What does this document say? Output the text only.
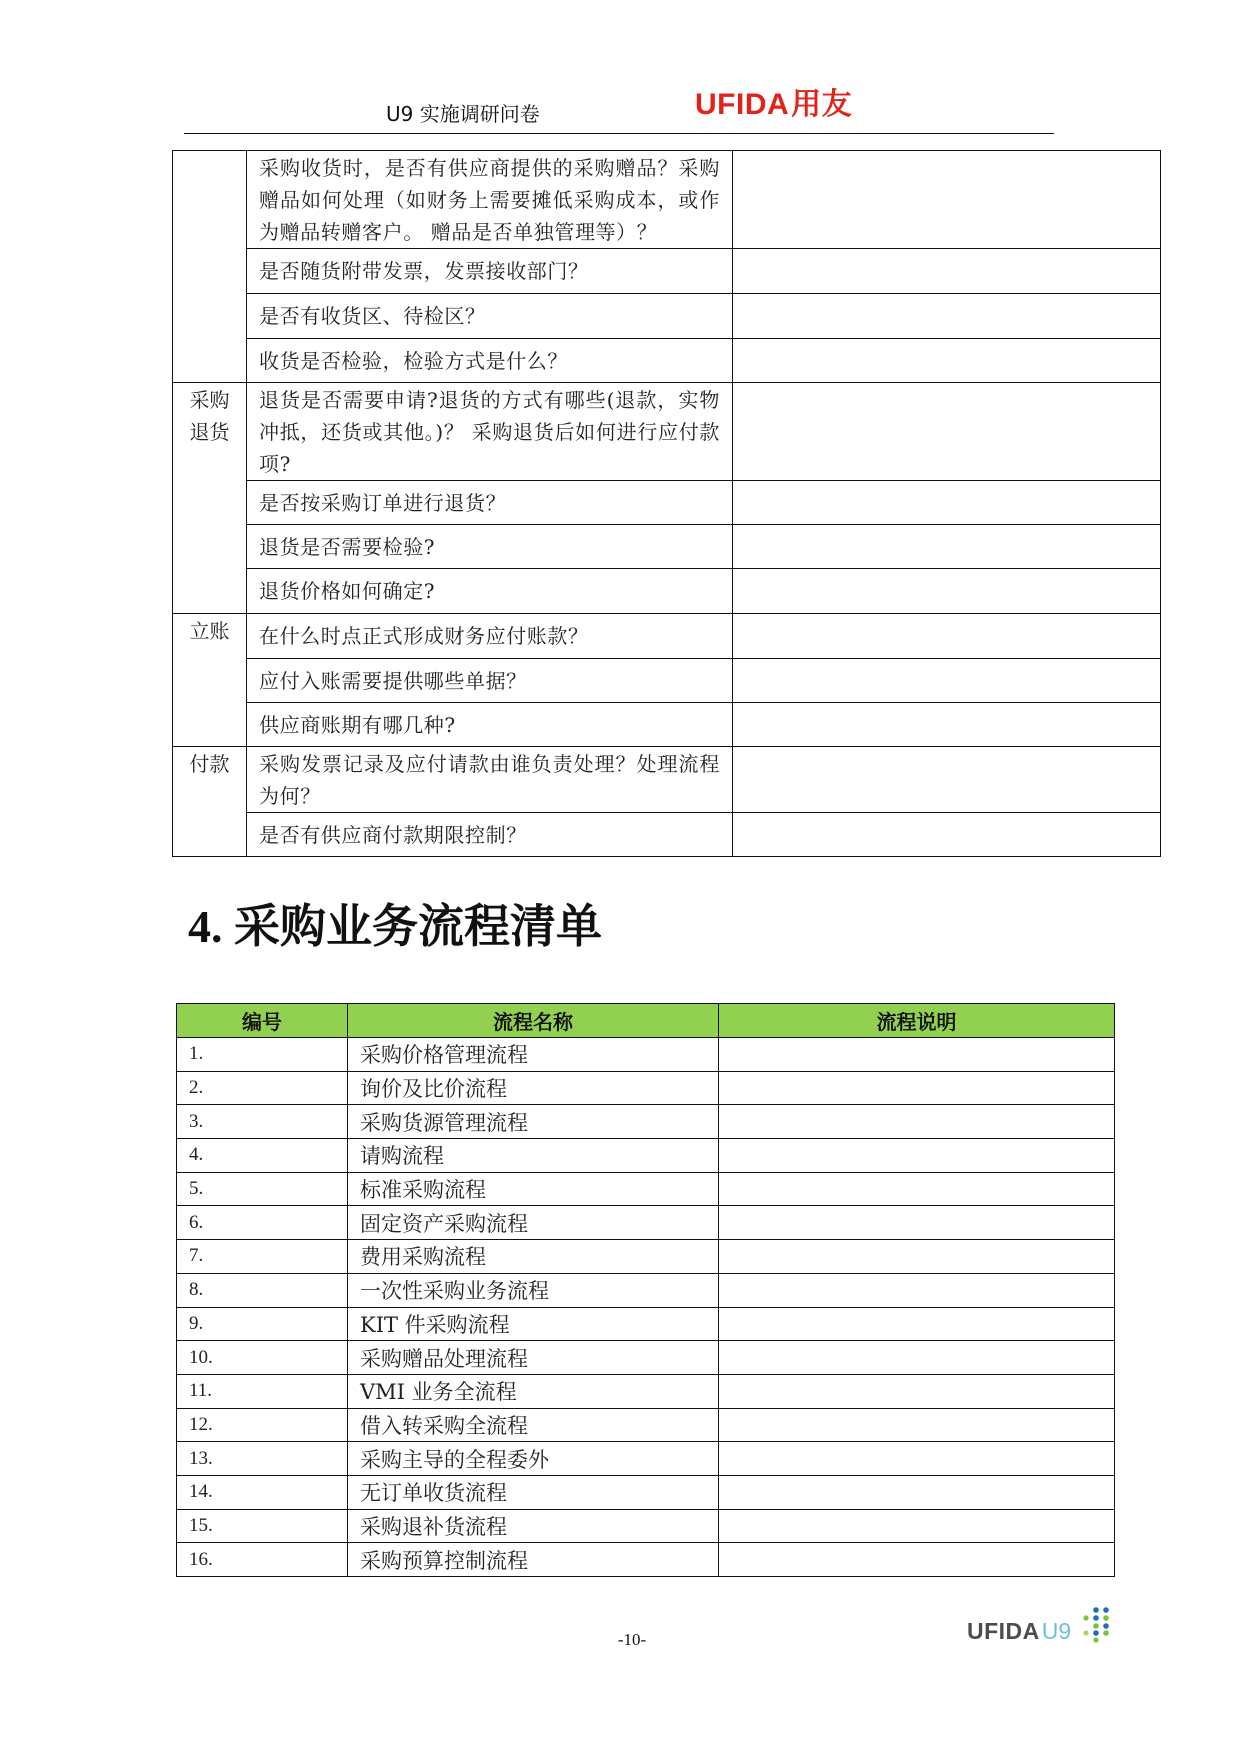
U9 实施调研问卷	UFIDA用友
	采购收货时，是否有供应商提供的采购赠品？采购赠品如何处理（如财务上需要摊低采购成本，或作为赠品转赠客户。 赠品是否单独管理等）？	
	是否随货附带发票，发票接收部门？	
	是否有收货区、待检区？	
	收货是否检验，检验方式是什么？	

采购退货	退货是否需要申请?退货的方式有哪些(退款，实物冲抵，还货或其他。)？ 采购退货后如何进行应付款项?	
	是否按采购订单进行退货？	
	退货是否需要检验?	
	退货价格如何确定?	

立账	在什么时点正式形成财务应付账款？	
	应付入账需要提供哪些单据？	
	供应商账期有哪几种?	

付款	采购发票记录及应付请款由谁负责处理？处理流程为何？	
	是否有供应商付款期限控制？	
4. 采购业务流程清单
编号	流程名称	流程说明
1.	采购价格管理流程	
2.	询价及比价流程	
3.	采购货源管理流程	
4.	请购流程	
5.	标准采购流程	
6.	固定资产采购流程	
7.	费用采购流程	
8.	一次性采购业务流程	
9.	KIT 件采购流程	
10.	采购赠品处理流程	
11.	VMI 业务全流程	
12.	借入转采购全流程	
13.	采购主导的全程委外	
14.	无订单收货流程	
15.	采购退补货流程	
16.	采购预算控制流程	
-10-	UFIDAU9
